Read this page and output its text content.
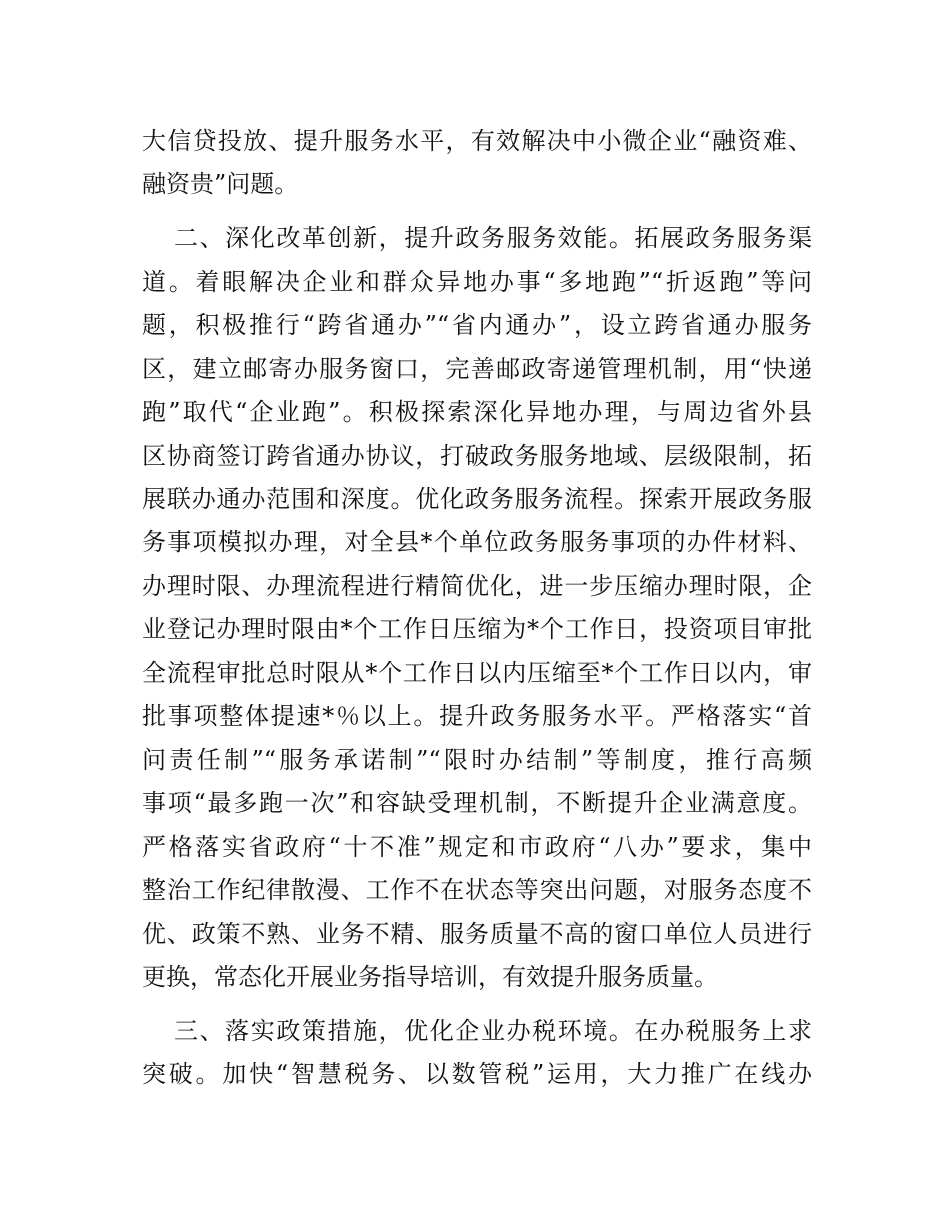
大信贷投放、提升服务水平，有效解决中小微企业“融资难、
融资贵”问题。
二、深化改革创新，提升政务服务效能。拓展政务服务渠
道。着眼解决企业和群众异地办事“多地跑”“折返跑”等问
题，积极推行“跨省通办”“省内通办”，设立跨省通办服务
区，建立邮寄办服务窗口，完善邮政寄递管理机制，用“快递
跑”取代“企业跑”。积极探索深化异地办理，与周边省外县
区协商签订跨省通办协议，打破政务服务地域、层级限制，拓
展联办通办范围和深度。优化政务服务流程。探索开展政务服
务事项模拟办理，对全县*个单位政务服务事项的办件材料、
办理时限、办理流程进行精简优化，进一步压缩办理时限，企
业登记办理时限由*个工作日压缩为*个工作日，投资项目审批
全流程审批总时限从*个工作日以内压缩至*个工作日以内，审
批事项整体提速*％以上。提升政务服务水平。严格落实“首
问责任制”“服务承诺制”“限时办结制”等制度，推行高频
事项“最多跑一次”和容缺受理机制，不断提升企业满意度。
严格落实省政府“十不准”规定和市政府“八办”要求，集中
整治工作纪律散漫、工作不在状态等突出问题，对服务态度不
优、政策不熟、业务不精、服务质量不高的窗口单位人员进行
更换，常态化开展业务指导培训，有效提升服务质量。
三、落实政策措施，优化企业办税环境。在办税服务上求
突破。加快“智慧税务、以数管税”运用，大力推广在线办
